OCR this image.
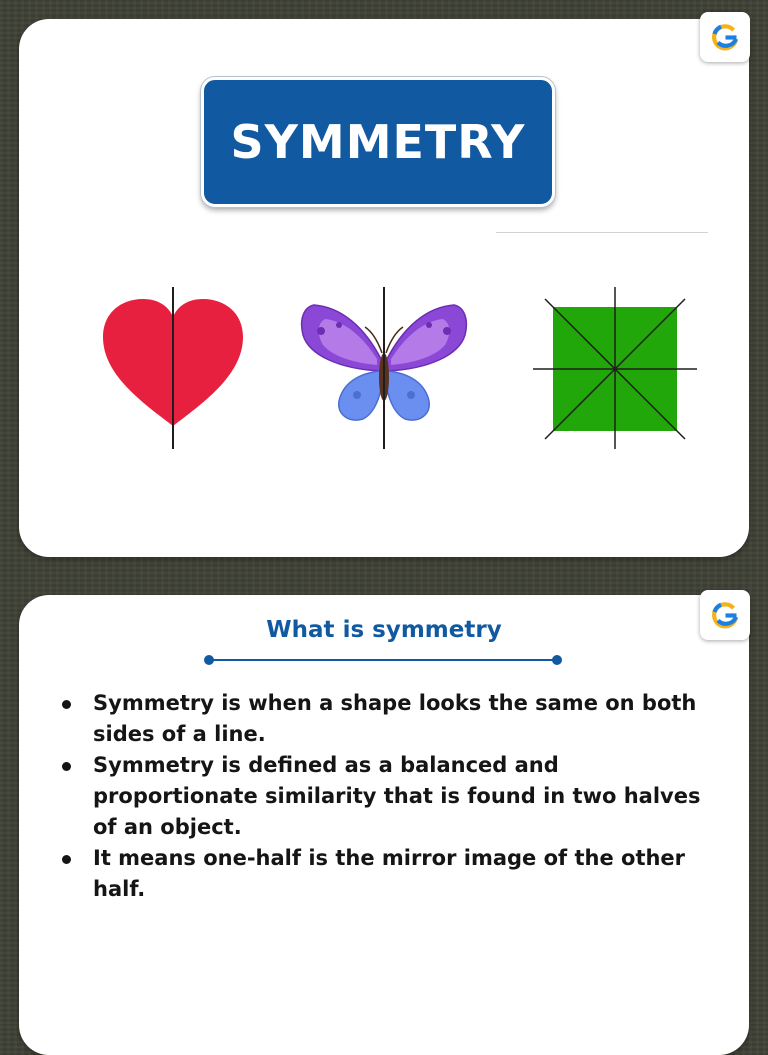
SYMMETRY
What is symmetry
Symmetry is when a shape looks the same on both sides of a line.
Symmetry is defined as a balanced and proportionate similarity that is found in two halves of an object.
It means one-half is the mirror image of the other half.
